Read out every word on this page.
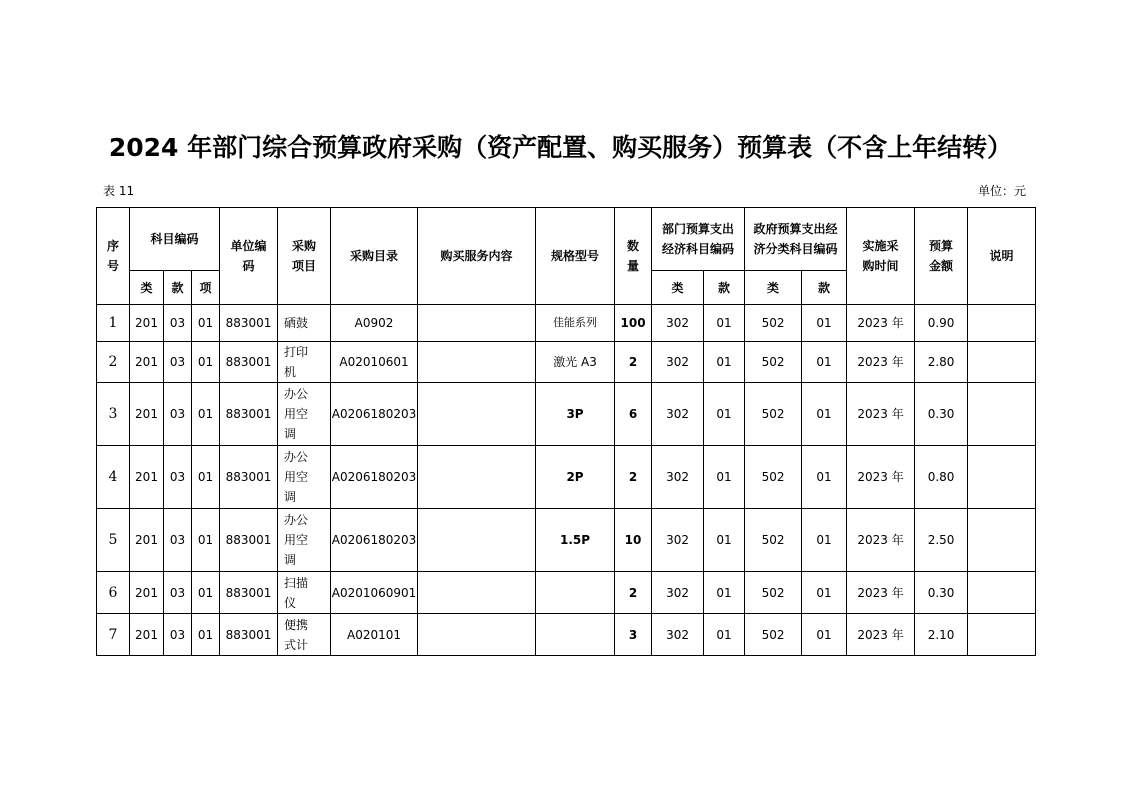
2024 年部门综合预算政府采购（资产配置、购买服务）预算表（不含上年结转）
表 11	单位：元
序号	科目编码			单位编码	采购项目	采购目录	购买服务内容	规格型号	数量	部门预算支出经济科目编码		政府预算支出经济分类科目编码		实施采购时间	预算金额	说明
	类	款	项							类	款	类	款			
1	201	03	01	883001	硒鼓	A0902		佳能系列	100	302	01	502	01	2023 年	0.90	
2	201	03	01	883001	打印机	A02010601		激光 A3	2	302	01	502	01	2023 年	2.80	
3	201	03	01	883001	办公用空调	A0206180203		3P	6	302	01	502	01	2023 年	0.30	
4	201	03	01	883001	办公用空调	A0206180203		2P	2	302	01	502	01	2023 年	0.80	
5	201	03	01	883001	办公用空调	A0206180203		1.5P	10	302	01	502	01	2023 年	2.50	
6	201	03	01	883001	扫描仪	A0201060901			2	302	01	502	01	2023 年	0.30	
7	201	03	01	883001	便携式计	A020101			3	302	01	502	01	2023 年	2.10	
